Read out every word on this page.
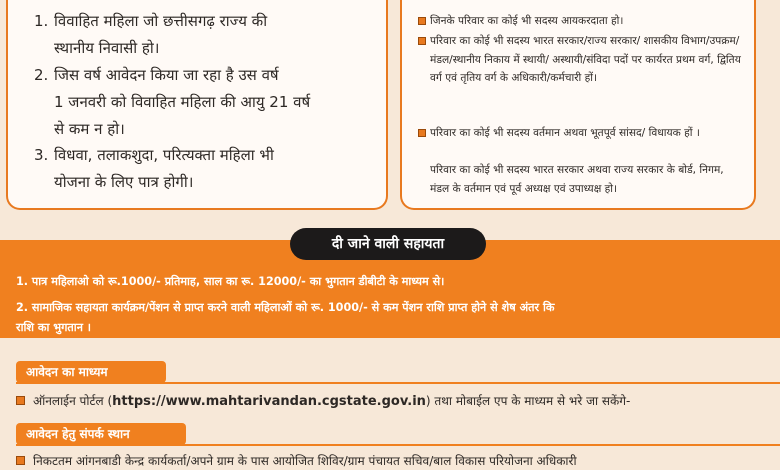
1. विवाहित महिला जो छत्तीसगढ़ राज्य की
स्थानीय निवासी हो।
2. जिस वर्ष आवेदन किया जा रहा है उस वर्ष
1 जनवरी को विवाहित महिला की आयु 21 वर्ष
से कम न हो।
3. विधवा, तलाकशुदा, परित्यक्ता महिला भी
योजना के लिए पात्र होगी।
जिनके परिवार का कोई भी सदस्य आयकरदाता हो।
परिवार का कोई भी सदस्य भारत सरकार/राज्य सरकार/ शासकीय विभाग/उपक्रम/मंडल/स्थानीय निकाय में स्थायी/ अस्थायी/संविदा पदों पर कार्यरत प्रथम वर्ग, द्वितिय वर्ग एवं तृतिय वर्ग के अधिकारी/कर्मचारी हों।
परिवार का कोई भी सदस्य वर्तमान अथवा भूतपूर्व सांसद/ विधायक हों ।
परिवार का कोई भी सदस्य भारत सरकार अथवा राज्य सरकार के बोर्ड, निगम, मंडल के वर्तमान एवं पूर्व अध्यक्ष एवं उपाध्यक्ष हो।
दी जाने वाली सहायता
1. पात्र महिलाओ को रू.1000/- प्रतिमाह, साल का रू. 12000/- का भुगतान डीबीटी के माध्यम से।
2. सामाजिक सहायता कार्यक्रम/पेंशन से प्राप्त करने वाली महिलाओं को रू. 1000/- से कम पेंशन राशि प्राप्त होने से शेष अंतर कि
राशि का भुगतान ।
आवेदन का माध्यम
ऑनलाईन पोर्टल (https://www.mahtarivandan.cgstate.gov.in) तथा मोबाईल एप के माध्यम से भरे जा सकेंगे-
आवेदन हेतु संपर्क स्थान
निकटतम आंगनबाडी केन्द्र कार्यकर्ता/अपने ग्राम के पास आयोजित शिविर/ग्राम पंचायत सचिव/बाल विकास परियोजना अधिकारी
